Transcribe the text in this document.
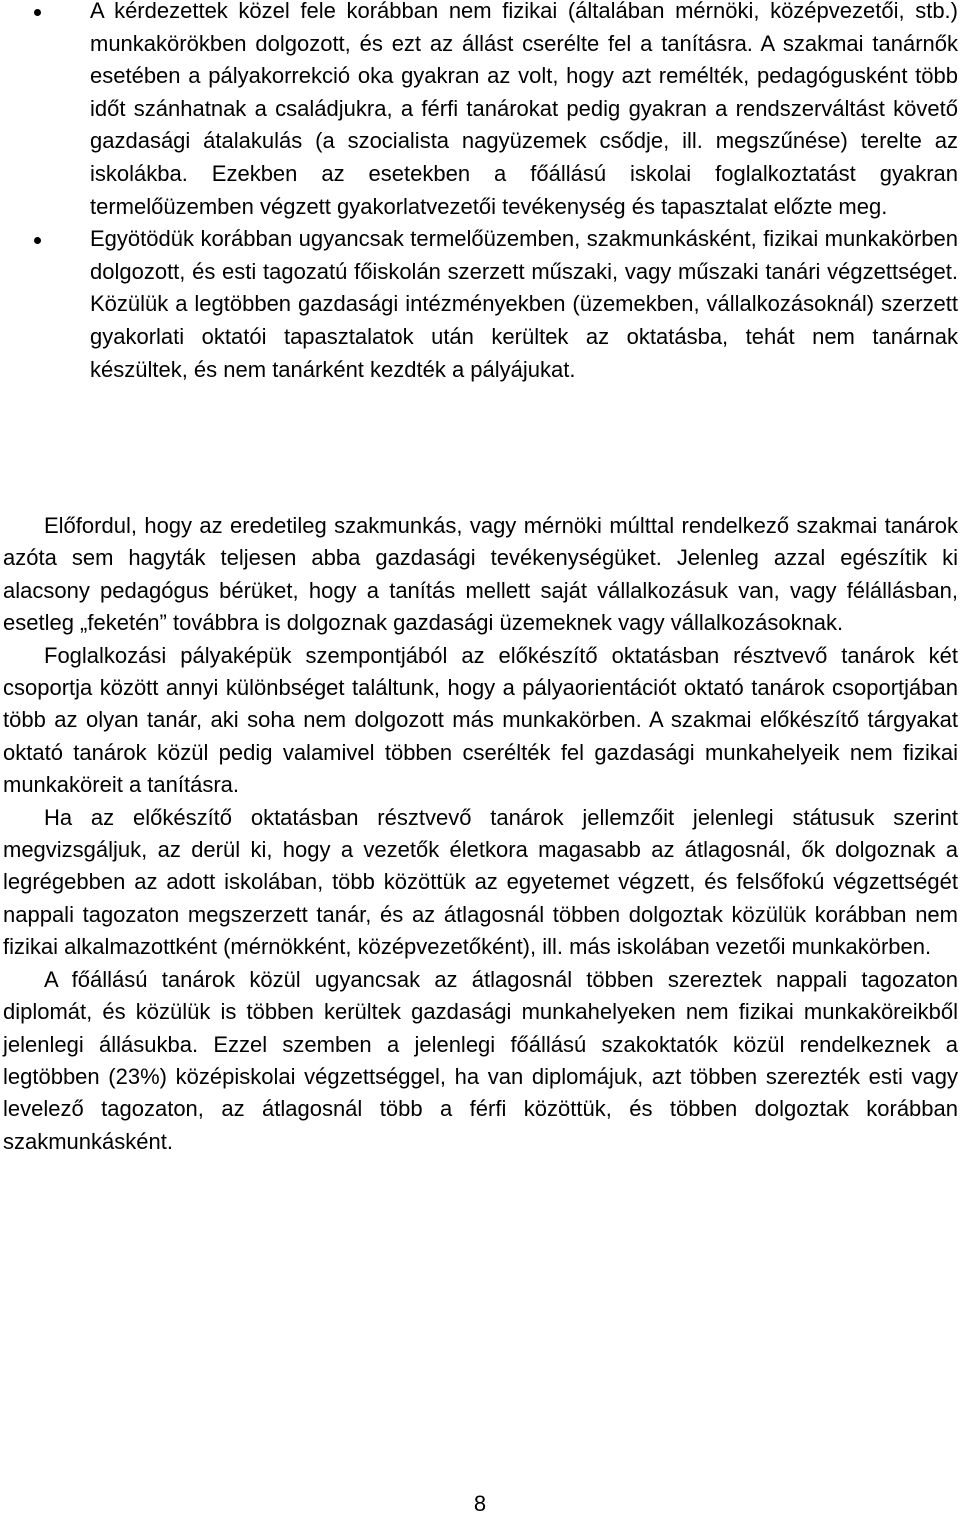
A kérdezettek közel fele korábban nem fizikai (általában mérnöki, középvezetői, stb.) munkakörökben dolgozott, és ezt az állást cserélte fel a tanításra. A szakmai tanárnők esetében a pályakorrekció oka gyakran az volt, hogy azt remélték, pedagógusként több időt szánhatnak a családjukra, a férfi tanárokat pedig gyakran a rendszerváltást követő gazdasági átalakulás (a szocialista nagyüzemek csődje, ill. megszűnése) terelte az iskolákba. Ezekben az esetekben a főállású iskolai foglalkoztatást gyakran termelőüzemben végzett gyakorlatvezetői tevékenység és tapasztalat előzte meg.
Egyötödük korábban ugyancsak termelőüzemben, szakmunkásként, fizikai munkakörben dolgozott, és esti tagozatú főiskolán szerzett műszaki, vagy műszaki tanári végzettséget. Közülük a legtöbben gazdasági intézményekben (üzemekben, vállalkozásoknál) szerzett gyakorlati oktatói tapasztalatok után kerültek az oktatásba, tehát nem tanárnak készültek, és nem tanárként kezdték a pályájukat.

Előfordul, hogy az eredetileg szakmunkás, vagy mérnöki múlttal rendelkező szakmai tanárok azóta sem hagyták teljesen abba gazdasági tevékenységüket. Jelenleg azzal egészítik ki alacsony pedagógus bérüket, hogy a tanítás mellett saját vállalkozásuk van, vagy félállásban, esetleg „feketén” továbbra is dolgoznak gazdasági üzemeknek vagy vállalkozásoknak.

Foglalkozási pályaképük szempontjából az előkészítő oktatásban résztvevő tanárok két csoportja között annyi különbséget találtunk, hogy a pályaorientációt oktató tanárok csoportjában több az olyan tanár, aki soha nem dolgozott más munkakörben. A szakmai előkészítő tárgyakat oktató tanárok közül pedig valamivel többen cserélték fel gazdasági munkahelyeik nem fizikai munkaköreit a tanításra.

Ha az előkészítő oktatásban résztvevő tanárok jellemzőit jelenlegi státusuk szerint megvizsgáljuk, az derül ki, hogy a vezetők életkora magasabb az átlagosnál, ők dolgoznak a legrégebben az adott iskolában, több közöttük az egyetemet végzett, és felsőfokú végzettségét nappali tagozaton megszerzett tanár, és az átlagosnál többen dolgoztak közülük korábban nem fizikai alkalmazottként (mérnökként, középvezetőként), ill. más iskolában vezetői munkakörben.

A főállású tanárok közül ugyancsak az átlagosnál többen szereztek nappali tagozaton diplomát, és közülük is többen kerültek gazdasági munkahelyeken nem fizikai munkaköreikből jelenlegi állásukba. Ezzel szemben a jelenlegi főállású szakoktatók közül rendelkeznek a legtöbben (23%) középiskolai végzettséggel, ha van diplomájuk, azt többen szerezték esti vagy levelező tagozaton, az átlagosnál több a férfi közöttük, és többen dolgoztak korábban szakmunkásként.

8
